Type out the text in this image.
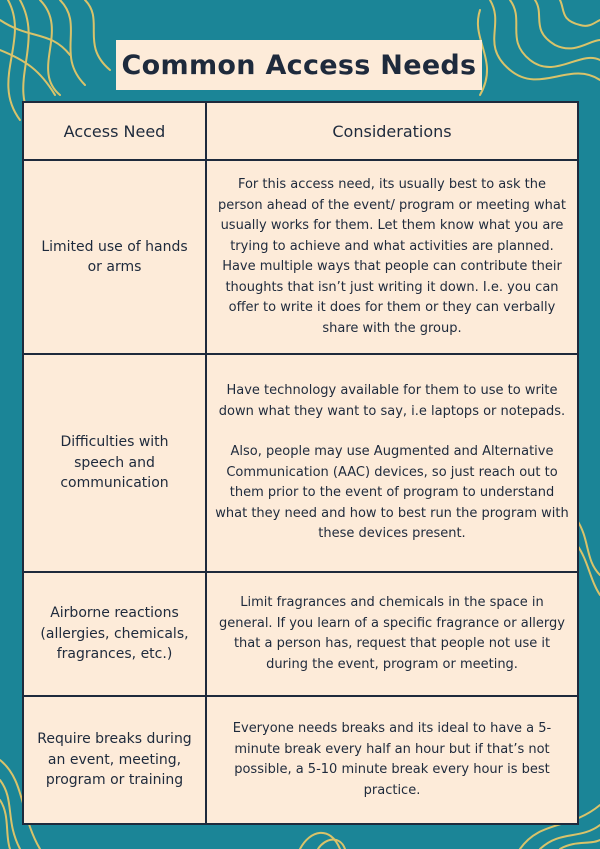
Common Access Needs
Access Need	Considerations
Limited use of hands or arms	For this access need, its usually best to ask the person ahead of the event/ program or meeting what usually works for them. Let them know what you are trying to achieve and what activities are planned. Have multiple ways that people can contribute their thoughts that isn’t just writing it down. I.e. you can offer to write it does for them or they can verbally share with the group.

Difficulties with speech and communication	Have technology available for them to use to write down what they want to say, i.e laptops or notepads.

Also, people may use Augmented and Alternative Communication (AAC) devices, so just reach out to them prior to the event of program to understand what they need and how to best run the program with these devices present.

Airborne reactions (allergies, chemicals, fragrances, etc.)	Limit fragrances and chemicals in the space in general. If you learn of a specific fragrance or allergy that a person has, request that people not use it during the event, program or meeting.

Require breaks during an event, meeting, program or training	Everyone needs breaks and its ideal to have a 5-minute break every half an hour but if that’s not possible, a 5-10 minute break every hour is best practice.
